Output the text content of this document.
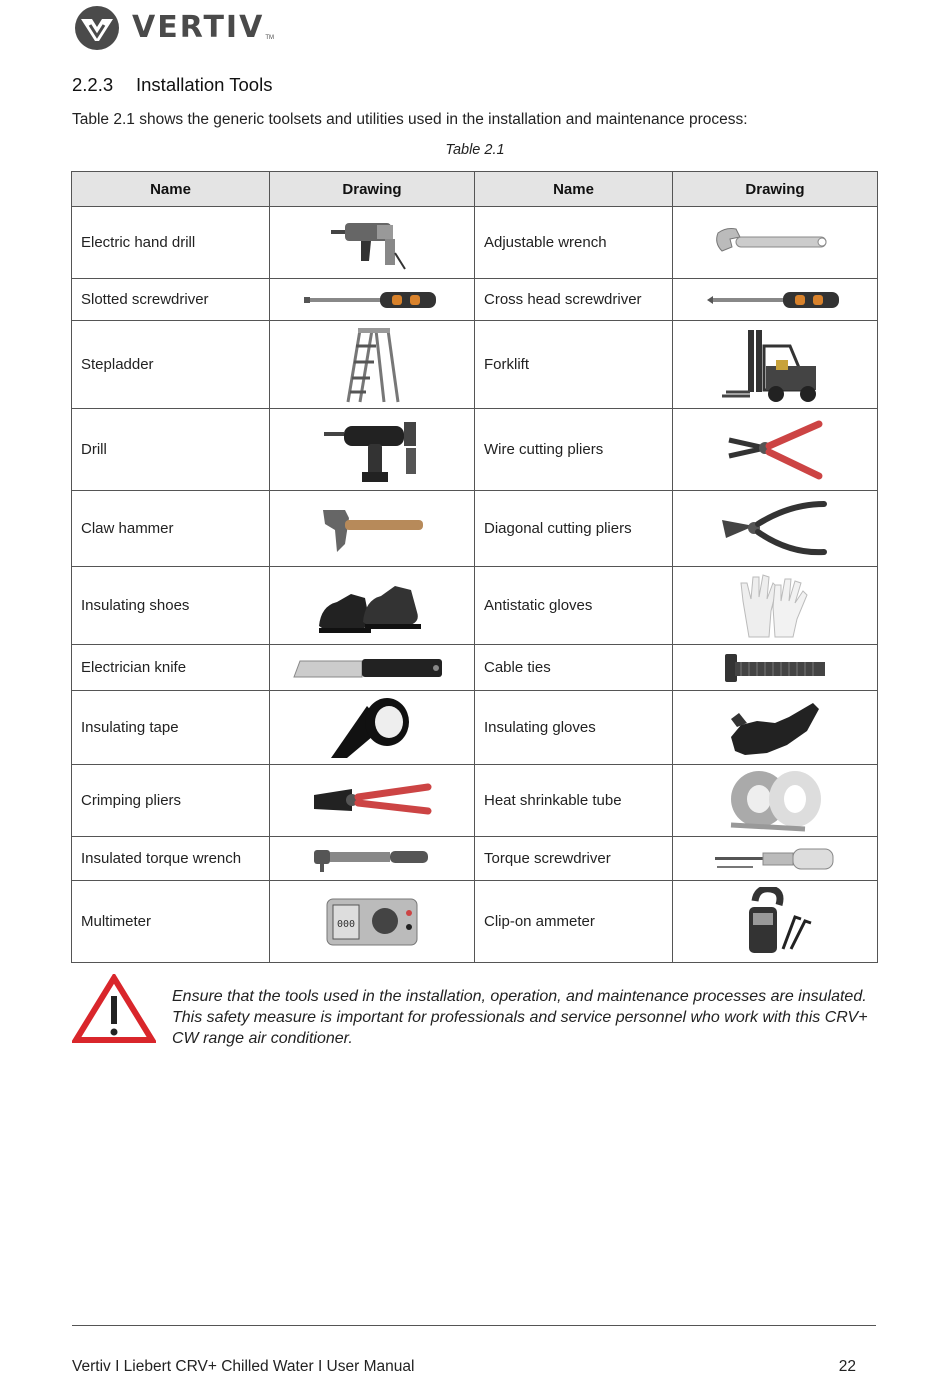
VERTIV TM
2.2.3 Installation Tools
Table 2.1 shows the generic toolsets and utilities used in the installation and maintenance process:
Table 2.1
Name	Drawing	Name	Drawing
Electric hand drill		Adjustable wrench	

Slotted screwdriver		Cross head screwdriver	

Stepladder		Forklift	

Drill		Wire cutting pliers	

Claw hammer		Diagonal cutting pliers	

Insulating shoes		Antistatic gloves	

Electrician knife		Cable ties	

Insulating tape		Insulating gloves	

Crimping pliers		Heat shrinkable tube	

Insulated torque wrench		Torque screwdriver	

Multimeter	000	Clip-on ammeter	
Ensure that the tools used in the installation, operation, and maintenance processes are insulated. This safety measure is important for professionals and service personnel who work with this CRV+ CW range air conditioner.
Vertiv I Liebert CRV+ Chilled Water I User Manual	22
